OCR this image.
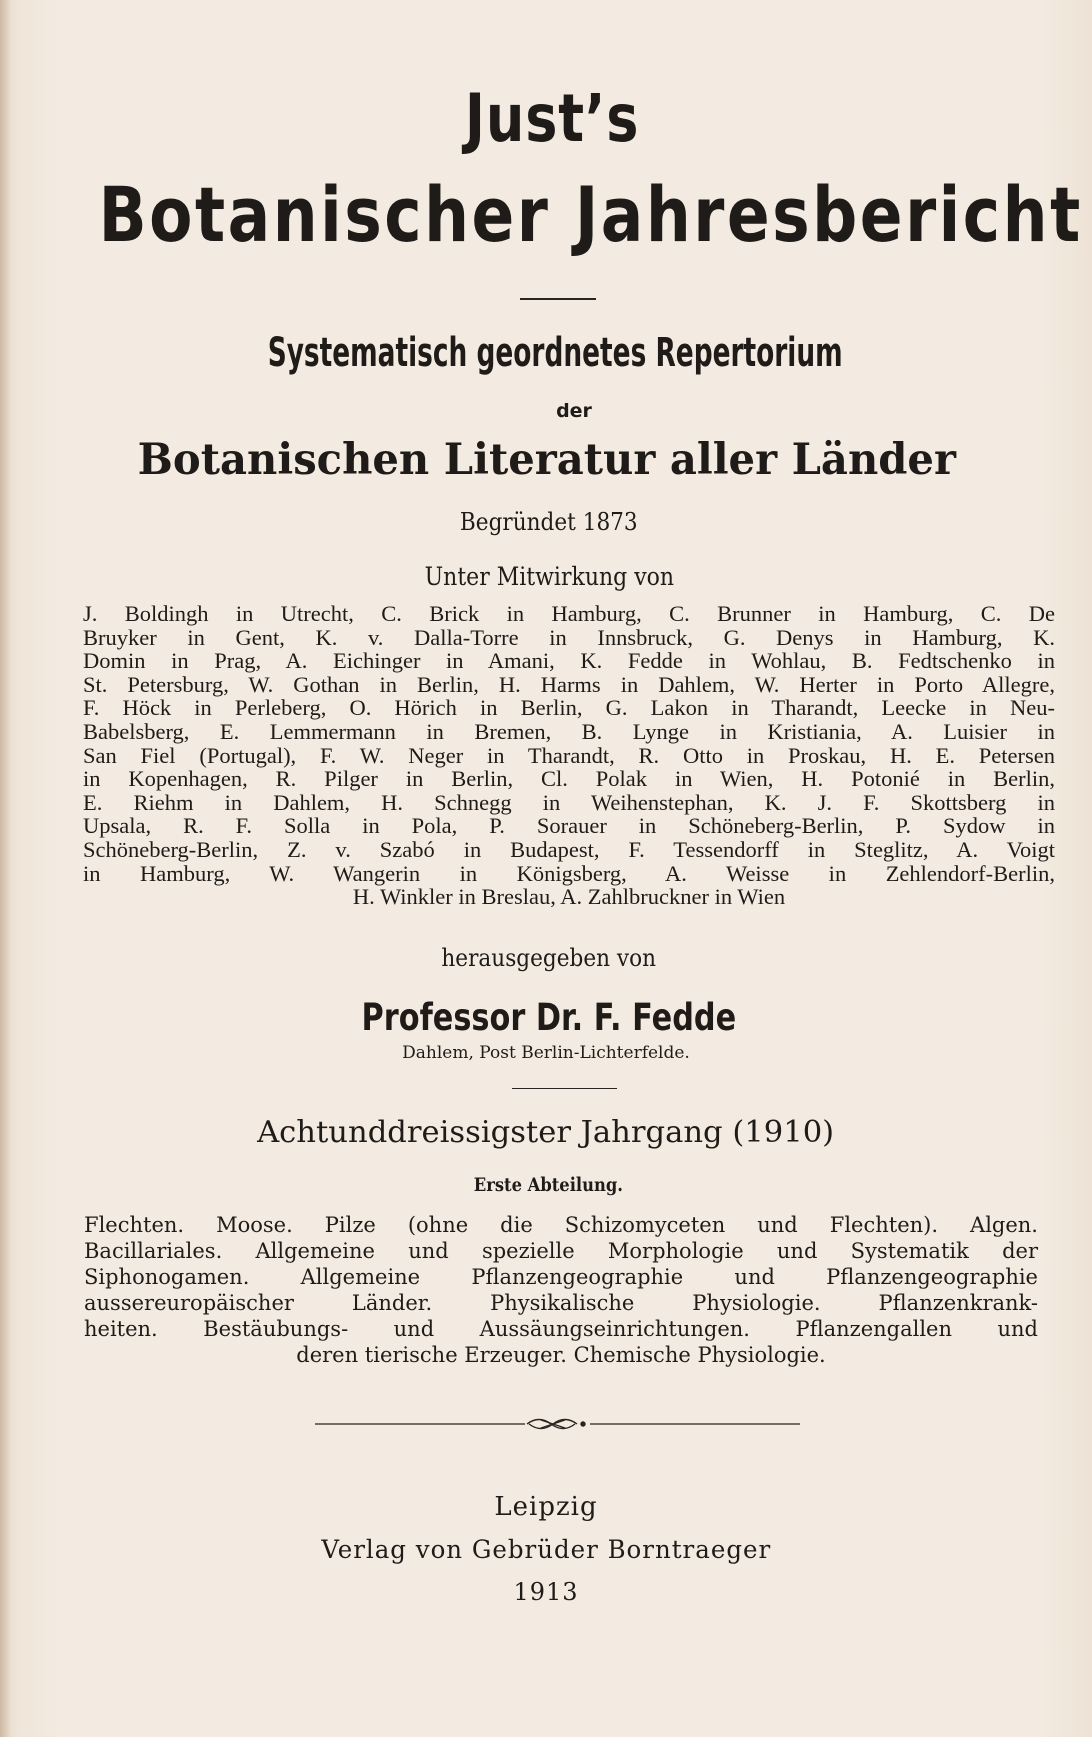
Just’s
Botanischer Jahresbericht
Systematisch geordnetes Repertorium
der
Botanischen Literatur aller Länder
Begründet 1873
Unter Mitwirkung von
J. Boldingh in Utrecht, C. Brick in Hamburg, C. Brunner in Hamburg, C. De
Bruyker in Gent, K. v. Dalla-Torre in Innsbruck, G. Denys in Hamburg, K.
Domin in Prag, A. Eichinger in Amani, K. Fedde in Wohlau, B. Fedtschenko in
St. Petersburg, W. Gothan in Berlin, H. Harms in Dahlem, W. Herter in Porto Allegre,
F. Höck in Perleberg, O. Hörich in Berlin, G. Lakon in Tharandt, Leecke in Neu-
Babelsberg, E. Lemmermann in Bremen, B. Lynge in Kristiania, A. Luisier in
San Fiel (Portugal), F. W. Neger in Tharandt, R. Otto in Proskau, H. E. Petersen
in Kopenhagen, R. Pilger in Berlin, Cl. Polak in Wien, H. Potonié in Berlin,
E. Riehm in Dahlem, H. Schnegg in Weihenstephan, K. J. F. Skottsberg in
Upsala, R. F. Solla in Pola, P. Sorauer in Schöneberg-Berlin, P. Sydow in
Schöneberg-Berlin, Z. v. Szabó in Budapest, F. Tessendorff in Steglitz, A. Voigt
in Hamburg, W. Wangerin in Königsberg, A. Weisse in Zehlendorf-Berlin,
H. Winkler in Breslau, A. Zahlbruckner in Wien
herausgegeben von
Professor Dr. F. Fedde
Dahlem, Post Berlin-Lichterfelde.
Achtunddreissigster Jahrgang (1910)
Erste Abteilung.
Flechten. Moose. Pilze (ohne die Schizomyceten und Flechten). Algen.
Bacillariales. Allgemeine und spezielle Morphologie und Systematik der
Siphonogamen. Allgemeine Pflanzengeographie und Pflanzengeographie
aussereuropäischer Länder. Physikalische Physiologie. Pflanzenkrank-
heiten. Bestäubungs- und Aussäungseinrichtungen. Pflanzengallen und
deren tierische Erzeuger. Chemische Physiologie.
Leipzig
Verlag von Gebrüder Borntraeger
1913
